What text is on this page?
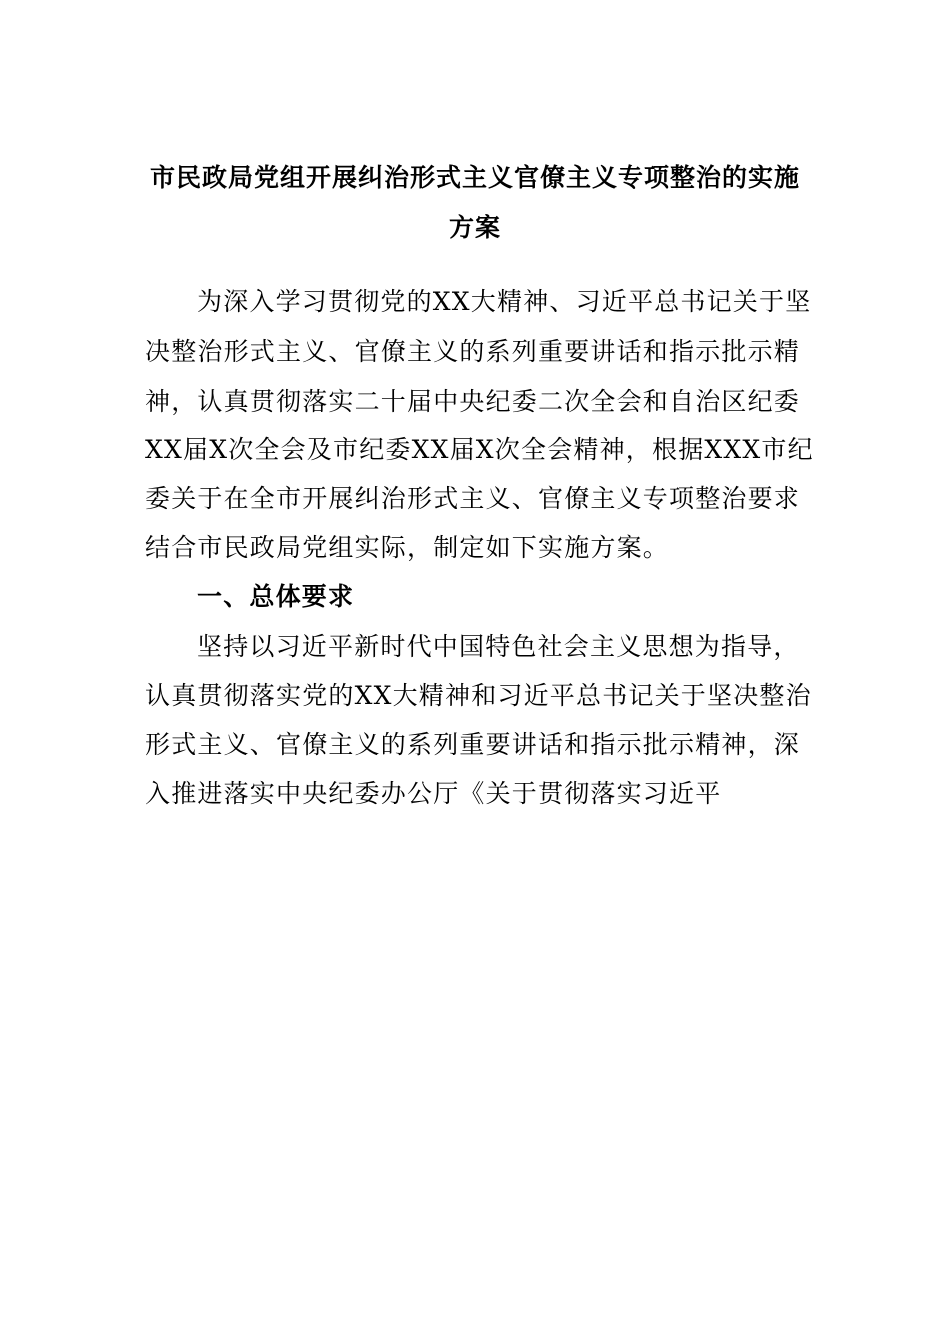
市民政局党组开展纠治形式主义官僚主义专项整治的实施
方案
为深入学习贯彻党的XX大精神、习近平总书记关于坚
决整治形式主义、官僚主义的系列重要讲话和指示批示精
神，认真贯彻落实二十届中央纪委二次全会和自治区纪委
XX届X次全会及市纪委XX届X次全会精神，根据XXX市纪
委关于在全市开展纠治形式主义、官僚主义专项整治要求
结合市民政局党组实际，制定如下实施方案。
一、总体要求
坚持以习近平新时代中国特色社会主义思想为指导，
认真贯彻落实党的XX大精神和习近平总书记关于坚决整治
形式主义、官僚主义的系列重要讲话和指示批示精神，深
入推进落实中央纪委办公厅《关于贯彻落实习近平
